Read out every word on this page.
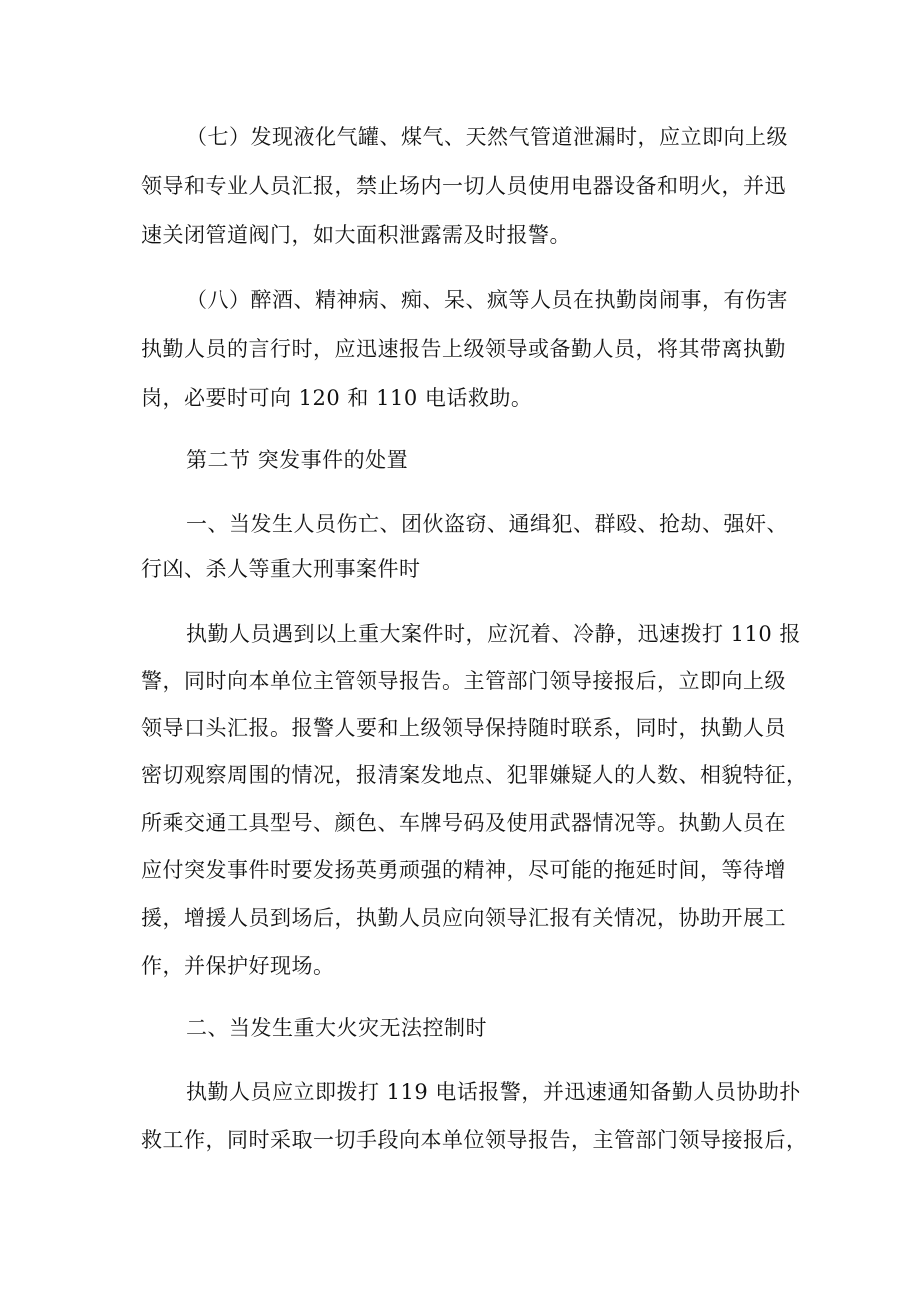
（七）发现液化气罐、煤气、天然气管道泄漏时，应立即向上级
领导和专业人员汇报，禁止场内一切人员使用电器设备和明火，并迅
速关闭管道阀门，如大面积泄露需及时报警。
（八）醉酒、精神病、痴、呆、疯等人员在执勤岗闹事，有伤害
执勤人员的言行时，应迅速报告上级领导或备勤人员，将其带离执勤
岗，必要时可向 120 和 110 电话救助。
第二节 突发事件的处置
一、当发生人员伤亡、团伙盗窃、通缉犯、群殴、抢劫、强奸、
行凶、杀人等重大刑事案件时
执勤人员遇到以上重大案件时，应沉着、冷静，迅速拨打 110 报
警，同时向本单位主管领导报告。主管部门领导接报后，立即向上级
领导口头汇报。报警人要和上级领导保持随时联系，同时，执勤人员
密切观察周围的情况，报清案发地点、犯罪嫌疑人的人数、相貌特征，
所乘交通工具型号、颜色、车牌号码及使用武器情况等。执勤人员在
应付突发事件时要发扬英勇顽强的精神，尽可能的拖延时间，等待增
援，增援人员到场后，执勤人员应向领导汇报有关情况，协助开展工
作，并保护好现场。
二、当发生重大火灾无法控制时
执勤人员应立即拨打 119 电话报警，并迅速通知备勤人员协助扑
救工作，同时采取一切手段向本单位领导报告，主管部门领导接报后，
